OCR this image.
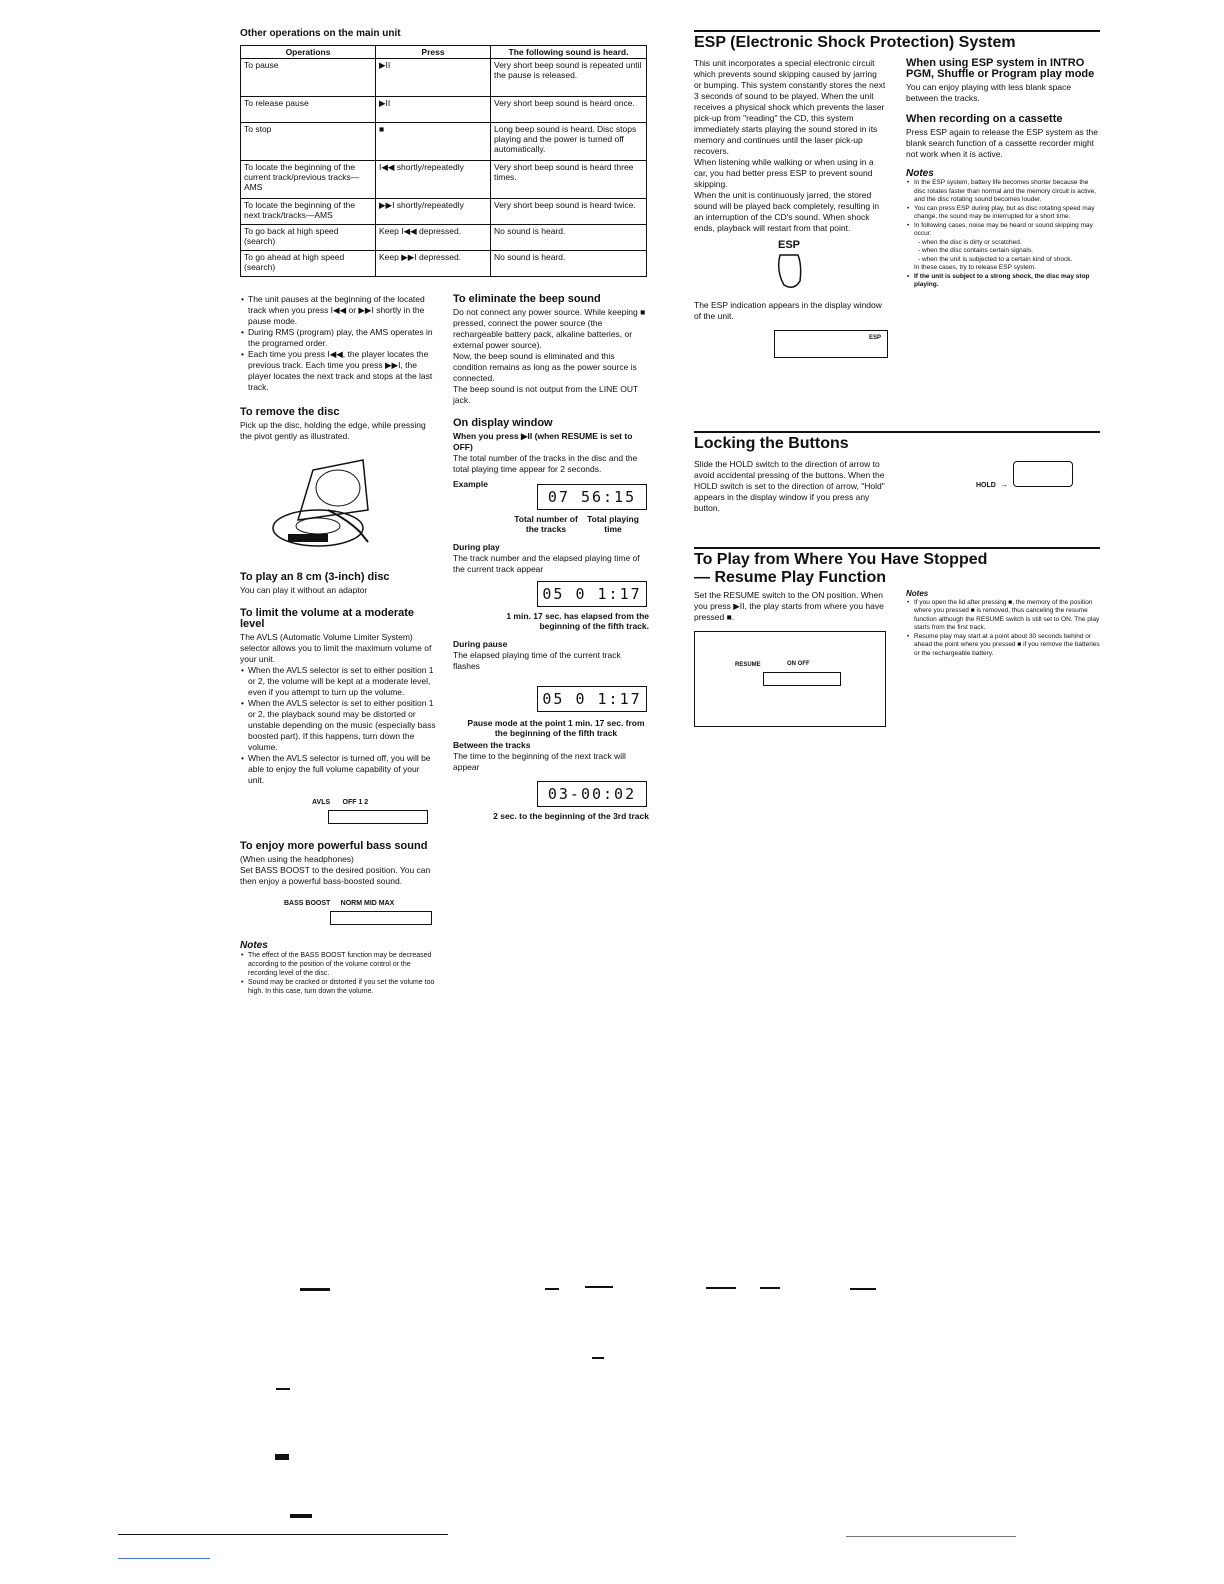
Other operations on the main unit

Operations	Press	The following sound is heard.
To pause	▶II	Very short beep sound is repeated until the pause is released.
To release pause	▶II	Very short beep sound is heard once.
To stop	■	Long beep sound is heard. Disc stops playing and the power is turned off automatically.
To locate the beginning of the current track/previous tracks—AMS	I◀◀ shortly/repeatedly	Very short beep sound is heard three times.
To locate the beginning of the next track/tracks—AMS	▶▶I shortly/repeatedly	Very short beep sound is heard twice.
To go back at high speed (search)	Keep I◀◀ depressed.	No sound is heard.
To go ahead at high speed (search)	Keep ▶▶I depressed.	No sound is heard.
• The unit pauses at the beginning of the located track when you press I◀◀ or ▶▶I shortly in the pause mode.
• During RMS (program) play, the AMS operates in the programed order.
• Each time you press I◀◀, the player locates the previous track. Each time you press ▶▶I, the player locates the next track and stops at the last track.

To remove the disc

Pick up the disc, holding the edge, while pressing the pivot gently as illustrated.

To play an 8 cm (3-inch) disc

You can play it without an adaptor

To limit the volume at a moderate level

The AVLS (Automatic Volume Limiter System) selector allows you to limit the maximum volume of your unit.

• When the AVLS selector is set to either position 1 or 2, the volume will be kept at a moderate level, even if you attempt to turn up the volume.
• When the AVLS selector is set to either position 1 or 2, the playback sound may be distorted or unstable depending on the music (especially bass boosted part). If this happens, turn down the volume.
• When the AVLS selector is turned off, you will be able to enjoy the full volume capability of your unit.
AVLS OFF 1 2

To enjoy more powerful bass sound

(When using the headphones)

Set BASS BOOST to the desired position. You can then enjoy a powerful bass-boosted sound.

BASS BOOST NORM MID MAX

Notes

• The effect of the BASS BOOST function may be decreased according to the position of the volume control or the recording level of the disc.
• Sound may be cracked or distorted if you set the volume too high. In this case, turn down the volume.

To eliminate the beep sound

Do not connect any power source. While keeping ■ pressed, connect the power source (the rechargeable battery pack, alkaline batteries, or external power source).

Now, the beep sound is eliminated and this condition remains as long as the power source is connected.

The beep sound is not output from the LINE OUT jack.

On display window

When you press ▶II (when RESUME is set to OFF)

The total number of the tracks in the disc and the total playing time appear for 2 seconds.

Example

07 56:15
Total number of the tracks
Total playing time

During play

The track number and the elapsed playing time of the current track appear

05 0 1:17
1 min. 17 sec. has elapsed from the beginning of the fifth track.

During pause

The elapsed playing time of the current track flashes

05 0 1:17
Pause mode at the point 1 min. 17 sec. from the beginning of the fifth track

Between the tracks

The time to the beginning of the next track will appear

03-00:02
2 sec. to the beginning of the 3rd track

ESP (Electronic Shock Protection) System

This unit incorporates a special electronic circuit which prevents sound skipping caused by jarring or bumping. This system constantly stores the next 3 seconds of sound to be played. When the unit receives a physical shock which prevents the laser pick-up from "reading" the CD, this system immediately starts playing the sound stored in its memory and continues until the laser pick-up recovers.

When listening while walking or when using in a car, you had better press ESP to prevent sound skipping.

When the unit is continuously jarred, the stored sound will be played back completely, resulting in an interruption of the CD's sound. When shock ends, playback will restart from that point.

ESP

The ESP indication appears in the display window of the unit.

ESP

When using ESP system in INTRO PGM, Shuffle or Program play mode

You can enjoy playing with less blank space between the tracks.

When recording on a cassette

Press ESP again to release the ESP system as the blank search function of a cassette recorder might not work when it is active.

Notes

• In the ESP system, battery life becomes shorter because the disc rotates faster than normal and the memory circuit is active, and the disc rotating sound becomes louder.
• You can press ESP during play, but as disc rotating speed may change, the sound may be interrupted for a short time.
• In following cases, noise may be heard or sound skipping may occur:

- when the disc is dirty or scratched.

- when the disc contains certain signals.

- when the unit is subjected to a certain kind of shock.

In these cases, try to release ESP system.

• If the unit is subject to a strong shock, the disc may stop playing.

Locking the Buttons

Slide the HOLD switch to the direction of arrow to avoid accidental pressing of the buttons. When the HOLD switch is set to the direction of arrow, "Hold" appears in the display window if you press any button.

HOLD →

To Play from Where You Have Stopped

— Resume Play Function

Set the RESUME switch to the ON position. When you press ▶II, the play starts from where you have pressed ■.

RESUME	ON OFF

Notes

• If you open the lid after pressing ■, the memory of the position where you pressed ■ is removed, thus canceling the resume function although the RESUME switch is still set to ON. The play starts from the first track.
• Resume play may start at a point about 30 seconds behind or ahead the point where you pressed ■ if you remove the batteries or the rechargeable battery.
